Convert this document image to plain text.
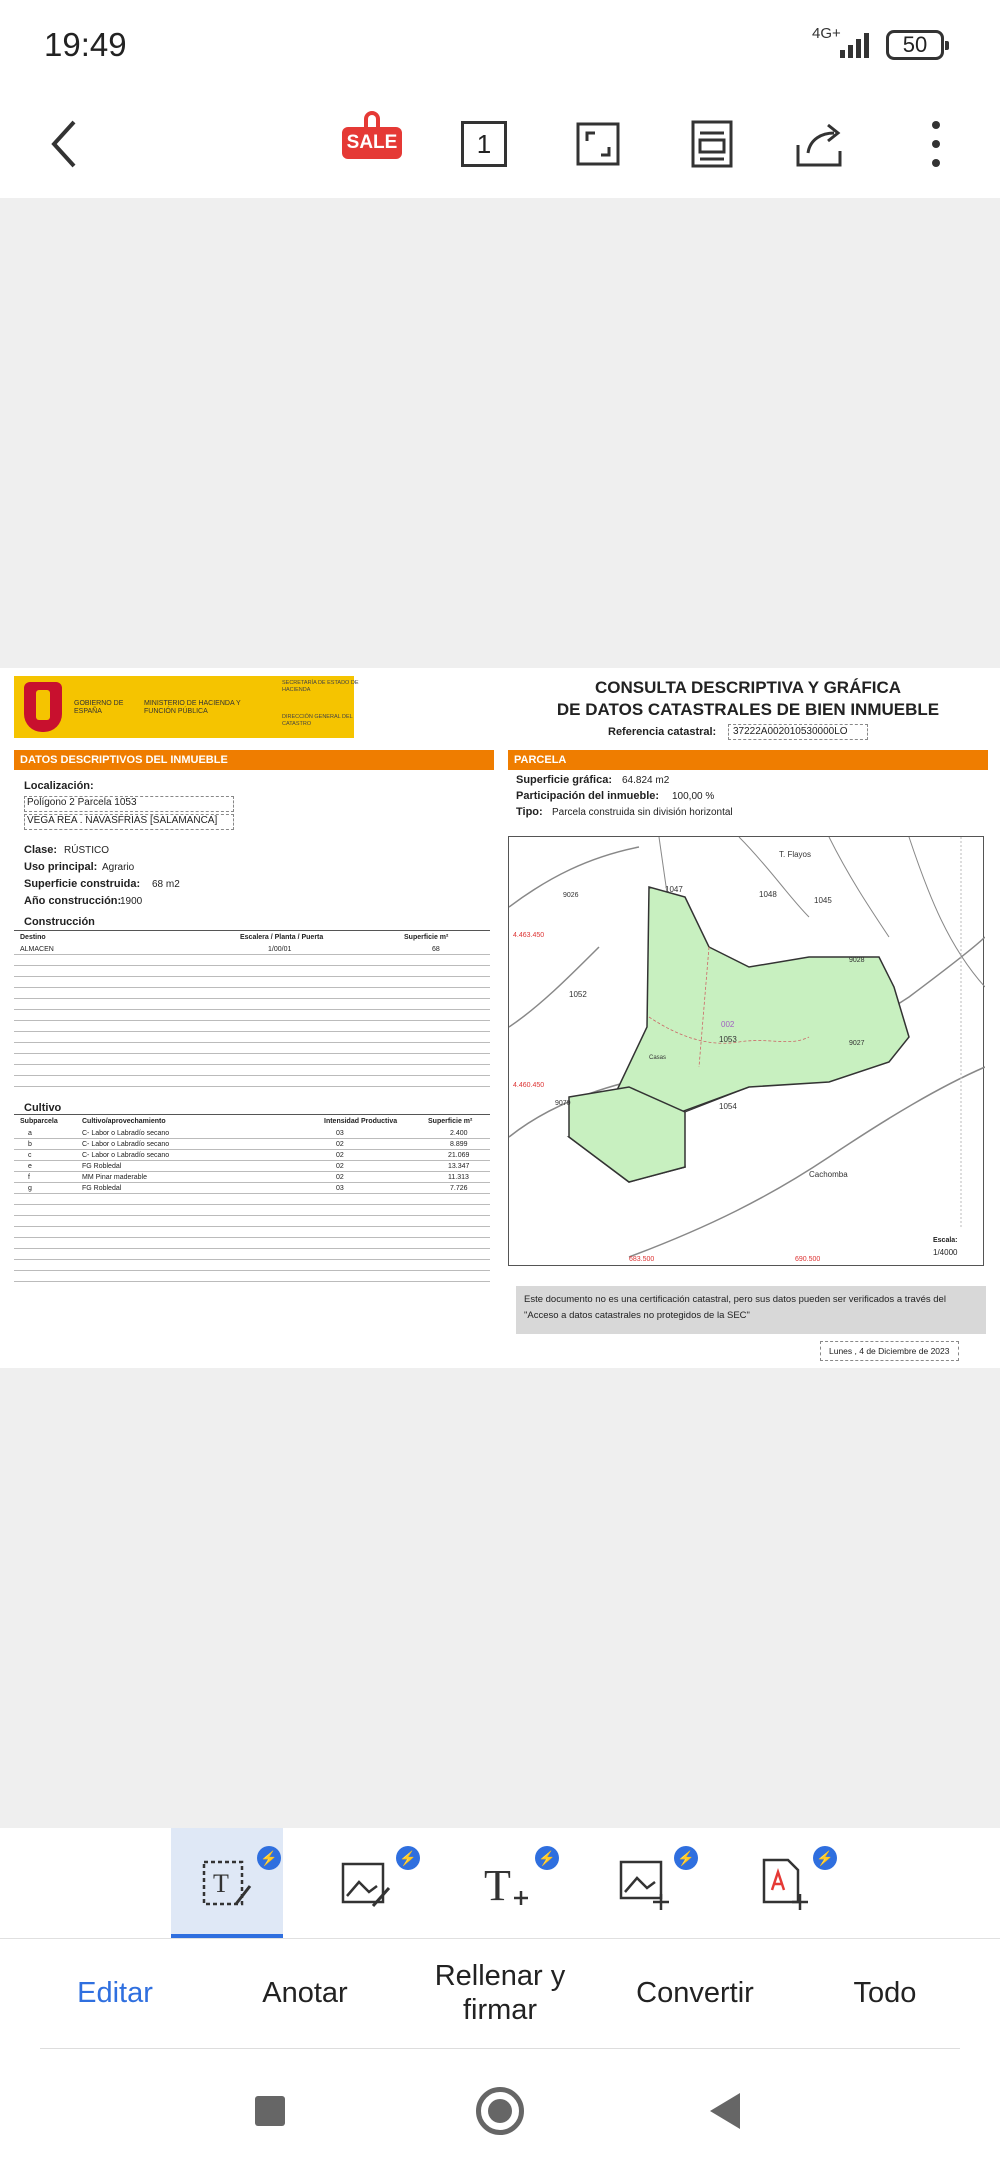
19:49	4G+	50
1
SALE
GOBIERNO DE ESPAÑA
MINISTERIO DE HACIENDA Y FUNCIÓN PÚBLICA
SECRETARÍA DE ESTADO DE HACIENDA
DIRECCIÓN GENERAL DEL CATASTRO
DATOS DESCRIPTIVOS DEL INMUEBLE
Localización:
Polígono 2 Parcela 1053
VEGA REA . NAVASFRIAS [SALAMANCA]
Clase: RÚSTICO
Uso principal: Agrario
Superficie construida: 68 m2
Año construcción:
1900
Construcción
Destino	Escalera / Planta / Puerta	Superficie m²
ALMACEN	1/00/01	68
Cultivo
Subparcela	Cultivo/aprovechamiento	Intensidad Productiva	Superficie m²
a	C- Labor o Labradío secano	03	2.400
b	C- Labor o Labradío secano	02	8.899
c	C- Labor o Labradío secano	02	21.069
e	FG Robledal	02	13.347
f	MM Pinar maderable	02	11.313
g	FG Robledal	03	7.726
CONSULTA DESCRIPTIVA Y GRÁFICA
DE DATOS CATASTRALES DE BIEN INMUEBLE
Referencia catastral:	37222A002010530000LO
PARCELA
Superficie gráfica: 64.824 m2
Participación del inmueble: 100,00 %
Tipo: Parcela construida sin división horizontal
1047
1048
1045
1052
1053
1054
9026
9027
9028
9070
T. Flayos
Cachomba
Casas
002
4.463.450
4.460.450
683.500	690.500
Escala:
1/4000
Este documento no es una certificación catastral, pero sus datos pueden ser verificados a través del "Acceso a datos catastrales no protegidos de la SEC"
Lunes , 4 de Diciembre de 2023
T
⚡	⚡
T
⚡	⚡	⚡
Editar	Anotar
Rellenar y firmar
Convertir	Todo
